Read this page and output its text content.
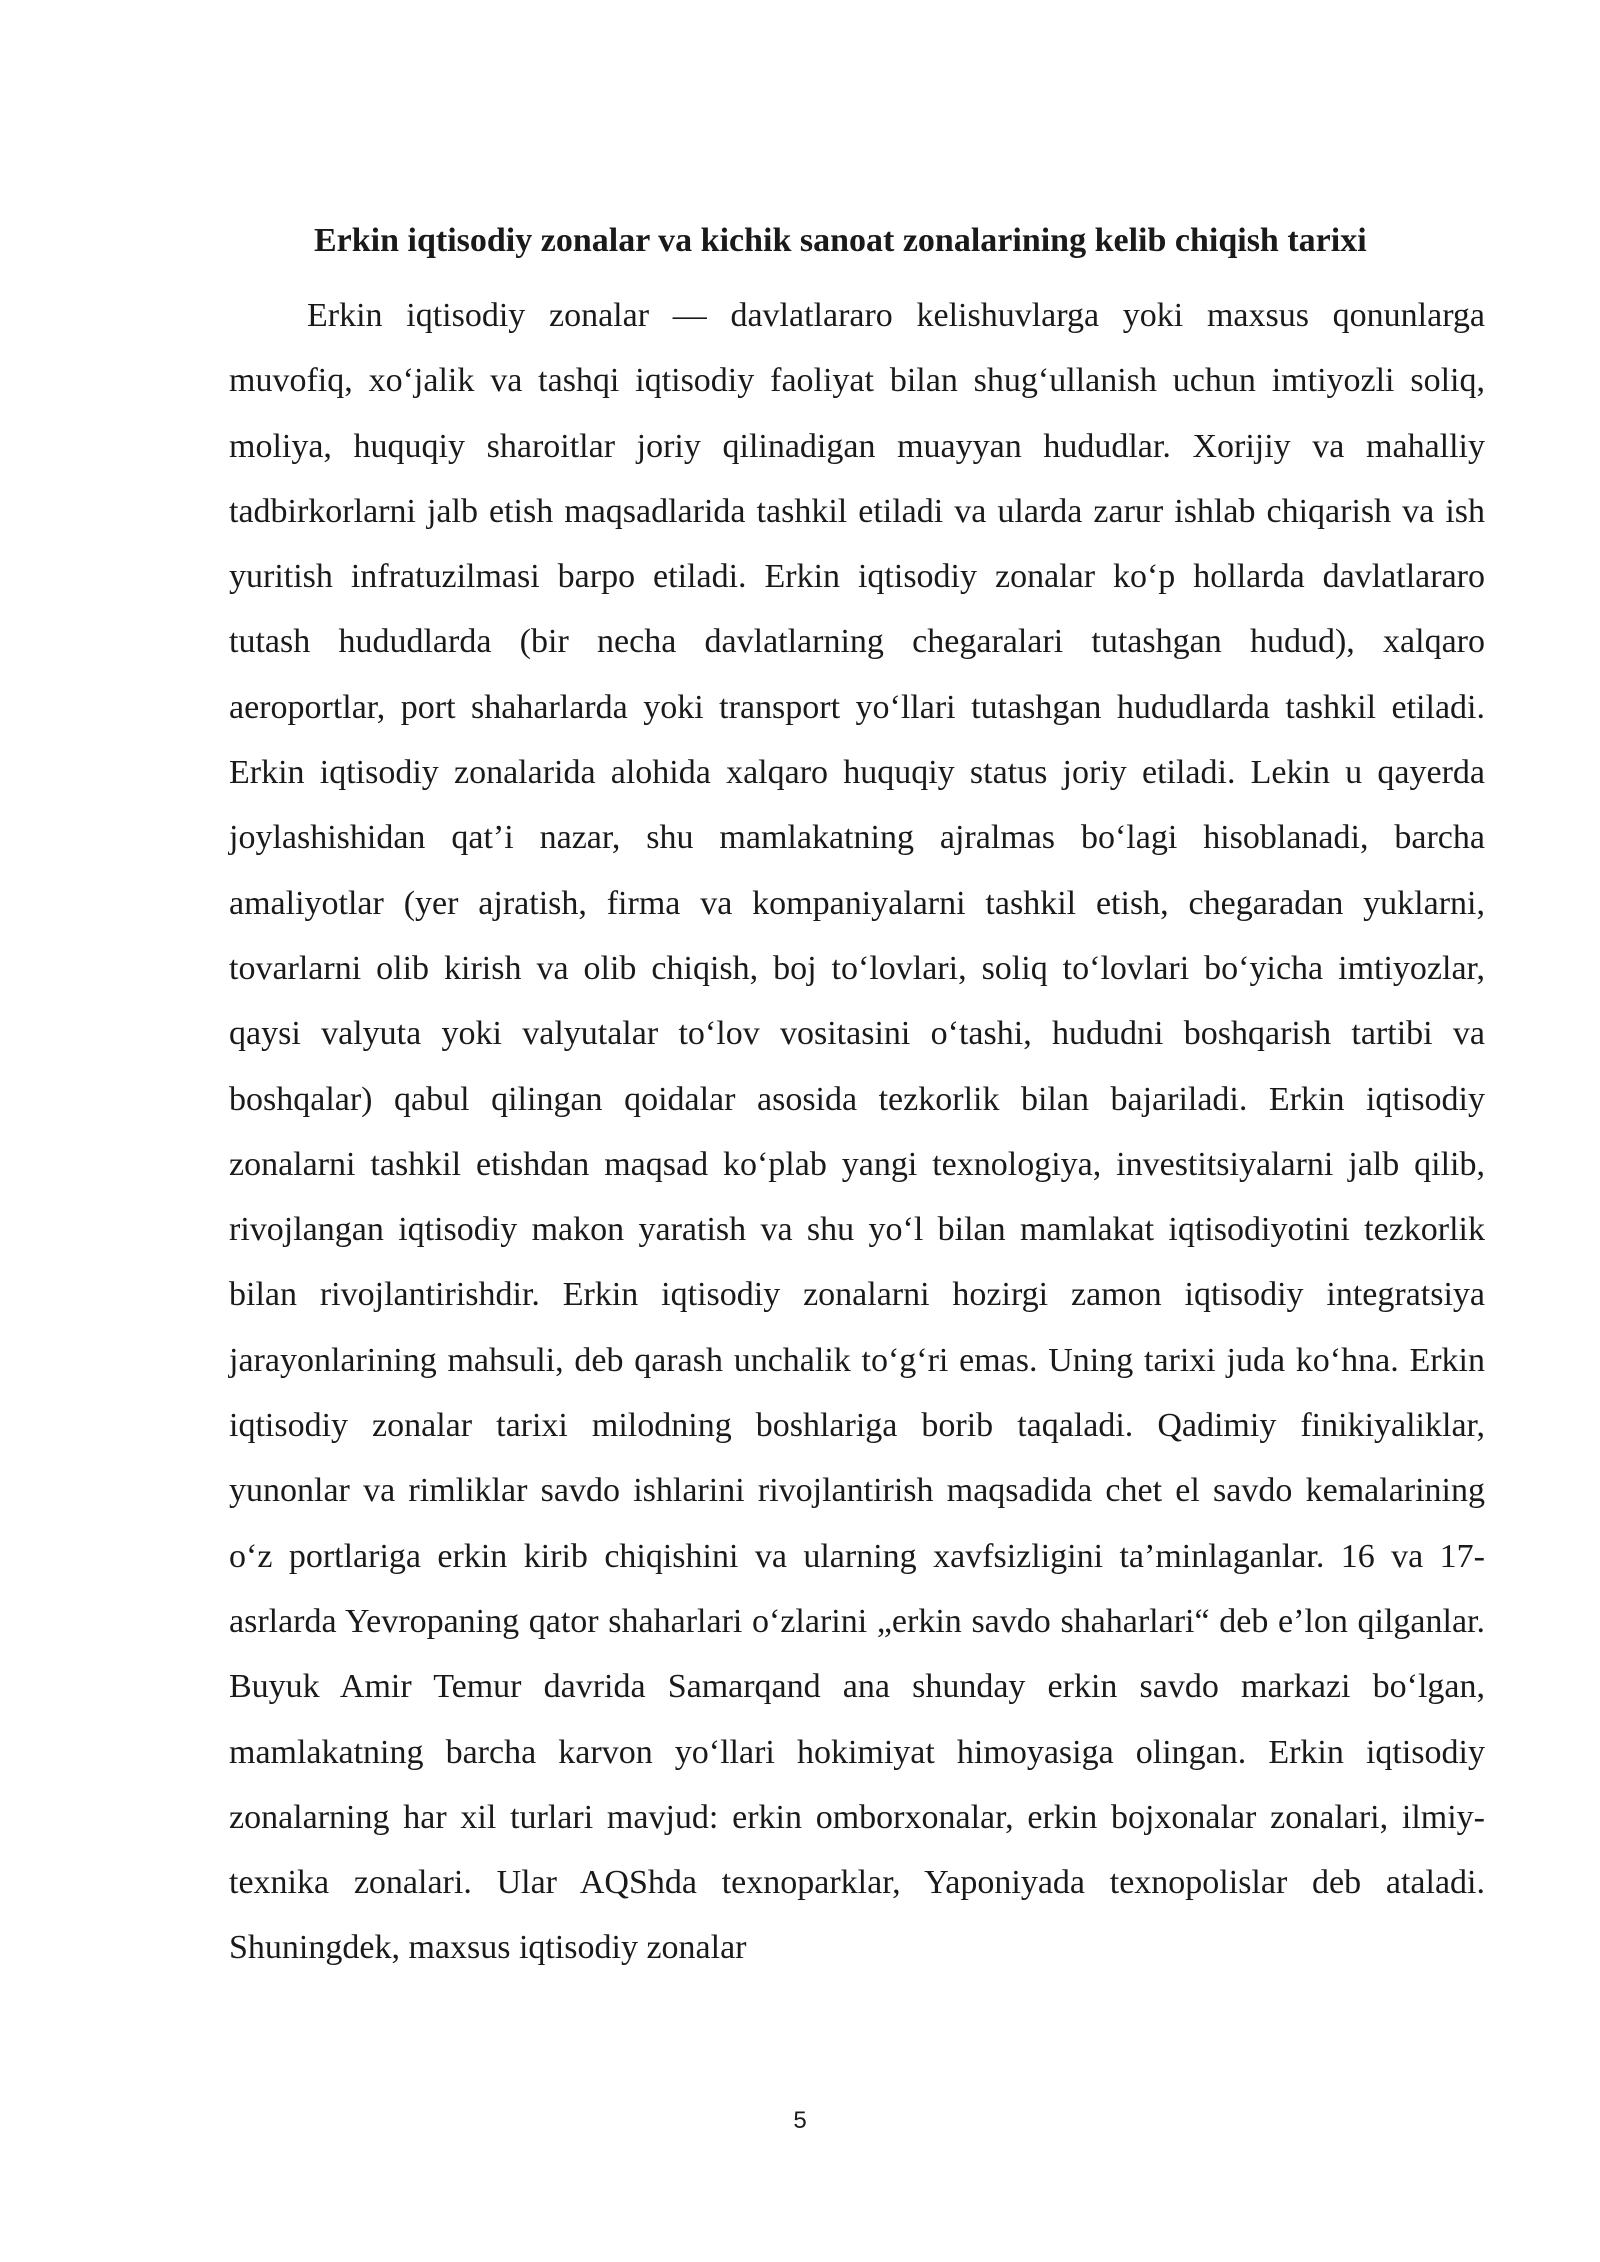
Erkin iqtisodiy zonalar va kichik sanoat zonalarining kelib chiqish tarixi

Erkin iqtisodiy zonalar — davlatlararo kelishuvlarga yoki maxsus qonunlarga muvofiq, xo‘jalik va tashqi iqtisodiy faoliyat bilan shug‘ullanish uchun imtiyozli soliq, moliya, huquqiy sharoitlar joriy qilinadigan muayyan hududlar. Xorijiy va mahalliy tadbirkorlarni jalb etish maqsadlarida tashkil etiladi va ularda zarur ishlab chiqarish va ish yuritish infratuzilmasi barpo etiladi. Erkin iqtisodiy zonalar ko‘p hollarda davlatlararo tutash hududlarda (bir necha davlatlarning chegaralari tutashgan hudud), xalqaro aeroportlar, port shaharlarda yoki transport yo‘llari tutashgan hududlarda tashkil etiladi. Erkin iqtisodiy zonalarida alohida xalqaro huquqiy status joriy etiladi. Lekin u qayerda joylashishidan qat’i nazar, shu mamlakatning ajralmas bo‘lagi hisoblanadi, barcha amaliyotlar (yer ajratish, firma va kompaniyalarni tashkil etish, chegaradan yuklarni, tovarlarni olib kirish va olib chiqish, boj to‘lovlari, soliq to‘lovlari bo‘yicha imtiyozlar, qaysi valyuta yoki valyutalar to‘lov vositasini o‘tashi, hududni boshqarish tartibi va boshqalar) qabul qilingan qoidalar asosida tezkorlik bilan bajariladi. Erkin iqtisodiy zonalarni tashkil etishdan maqsad ko‘plab yangi texnologiya, investitsiyalarni jalb qilib, rivojlangan iqtisodiy makon yaratish va shu yo‘l bilan mamlakat iqtisodiyotini tezkorlik bilan rivojlantirishdir. Erkin iqtisodiy zonalarni hozirgi zamon iqtisodiy integratsiya jarayonlarining mahsuli, deb qarash unchalik to‘g‘ri emas. Uning tarixi juda ko‘hna. Erkin iqtisodiy zonalar tarixi milodning boshlariga borib taqaladi. Qadimiy finikiyaliklar, yunonlar va rimliklar savdo ishlarini rivojlantirish maqsadida chet el savdo kemalarining o‘z portlariga erkin kirib chiqishini va ularning xavfsizligini ta’minlaganlar. 16 va 17-asrlarda Yevropaning qator shaharlari o‘zlarini „erkin savdo shaharlari“ deb e’lon qilganlar. Buyuk Amir Temur davrida Samarqand ana shunday erkin savdo markazi bo‘lgan, mamlakatning barcha karvon yo‘llari hokimiyat himoyasiga olingan. Erkin iqtisodiy zonalarning har xil turlari mavjud: erkin omborxonalar, erkin bojxonalar zonalari, ilmiy-texnika zonalari. Ular AQShda texnoparklar, Yaponiyada texnopolislar deb ataladi. Shuningdek, maxsus iqtisodiy zonalar

5
